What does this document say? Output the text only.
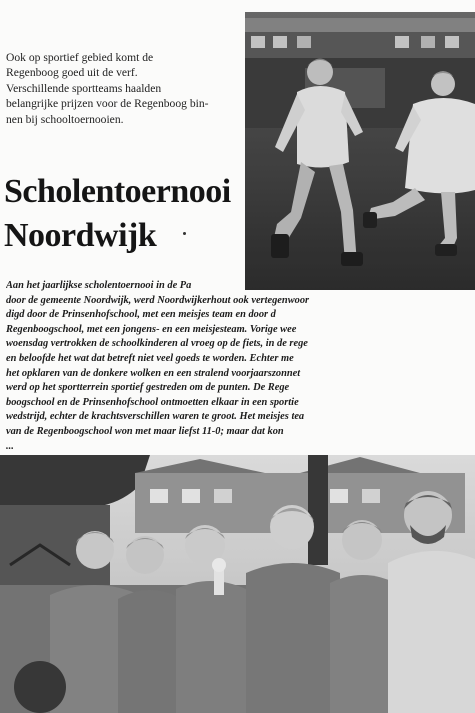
Ook op sportief gebied komt de

Regenboog goed uit de verf.

Verschillende sportteams haalden

belangrijke prijzen voor de Regenboog bin-

nen bij schooltoernooien.

Scholentoernooi
Noordwijk
Aan het jaarlijkse scholentoernooi in de Pa
door de gemeente Noordwijk, werd Noordwijkerhout ook vertegenwoor
digd door de Prinsenhofschool, met een meisjes team en door d
Regenboogschool, met een jongens- en een meisjesteam. Vorige wee
woensdag vertrokken de schoolkinderen al vroeg op de fiets, in de rege
en beloofde het wat dat betreft niet veel goeds te worden. Echter me
het opklaren van de donkere wolken en een stralend voorjaarszonnet
werd op het sportterrein sportief gestreden om de punten. De Rege
boogschool en de Prinsenhofschool ontmoetten elkaar in een sportie
wedstrijd, echter de krachtsverschillen waren te groot. Het meisjes tea
van de Regenboogschool won met maar liefst 11-0; maar dat kon
...
